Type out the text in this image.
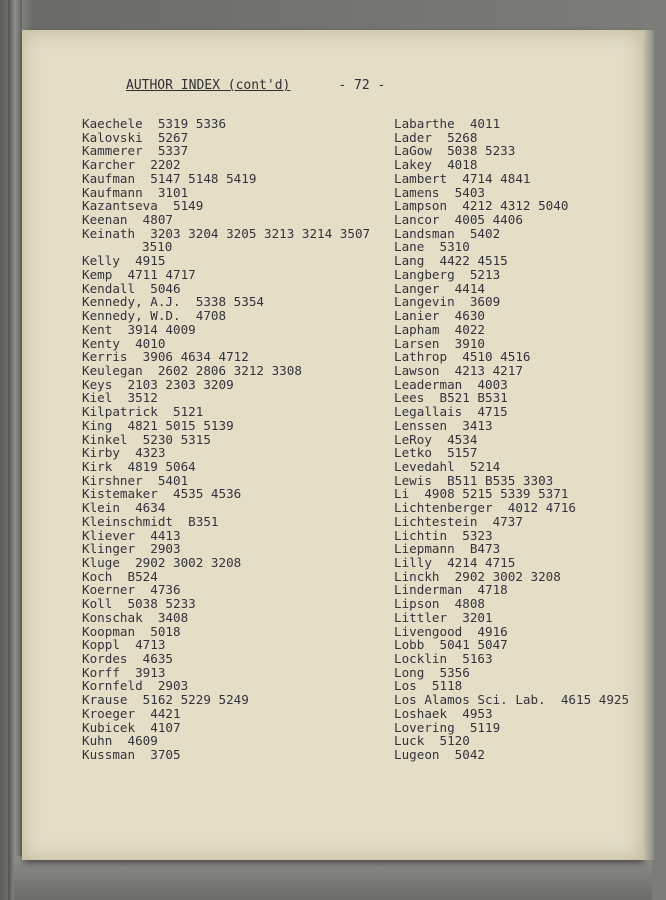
AUTHOR INDEX (cont'd)	- 72 -
Kaechele 5319 5336
Kalovski 5267
Kammerer 5337
Karcher 2202
Kaufman 5147 5148 5419
Kaufmann 3101
Kazantseva 5149
Keenan 4807
Keinath 3203 3204 3205 3213 3214 3507
3510
Kelly 4915
Kemp 4711 4717
Kendall 5046
Kennedy, A.J. 5338 5354
Kennedy, W.D. 4708
Kent 3914 4009
Kenty 4010
Kerris 3906 4634 4712
Keulegan 2602 2806 3212 3308
Keys 2103 2303 3209
Kiel 3512
Kilpatrick 5121
King 4821 5015 5139
Kinkel 5230 5315
Kirby 4323
Kirk 4819 5064
Kirshner 5401
Kistemaker 4535 4536
Klein 4634
Kleinschmidt B351
Kliever 4413
Klinger 2903
Kluge 2902 3002 3208
Koch B524
Koerner 4736
Koll 5038 5233
Konschak 3408
Koopman 5018
Koppl 4713
Kordes 4635
Korff 3913
Kornfeld 2903
Krause 5162 5229 5249
Kroeger 4421
Kubicek 4107
Kuhn 4609
Kussman 3705
Labarthe 4011
Lader 5268
LaGow 5038 5233
Lakey 4018
Lambert 4714 4841
Lamens 5403
Lampson 4212 4312 5040
Lancor 4005 4406
Landsman 5402
Lane 5310
Lang 4422 4515
Langberg 5213
Langer 4414
Langevin 3609
Lanier 4630
Lapham 4022
Larsen 3910
Lathrop 4510 4516
Lawson 4213 4217
Leaderman 4003
Lees B521 B531
Legallais 4715
Lenssen 3413
LeRoy 4534
Letko 5157
Levedahl 5214
Lewis B511 B535 3303
Li 4908 5215 5339 5371
Lichtenberger 4012 4716
Lichtestein 4737
Lichtin 5323
Liepmann B473
Lilly 4214 4715
Linckh 2902 3002 3208
Linderman 4718
Lipson 4808
Littler 3201
Livengood 4916
Lobb 5041 5047
Locklin 5163
Long 5356
Los 5118
Los Alamos Sci. Lab. 4615 4925
Loshaek 4953
Lovering 5119
Luck 5120
Lugeon 5042
